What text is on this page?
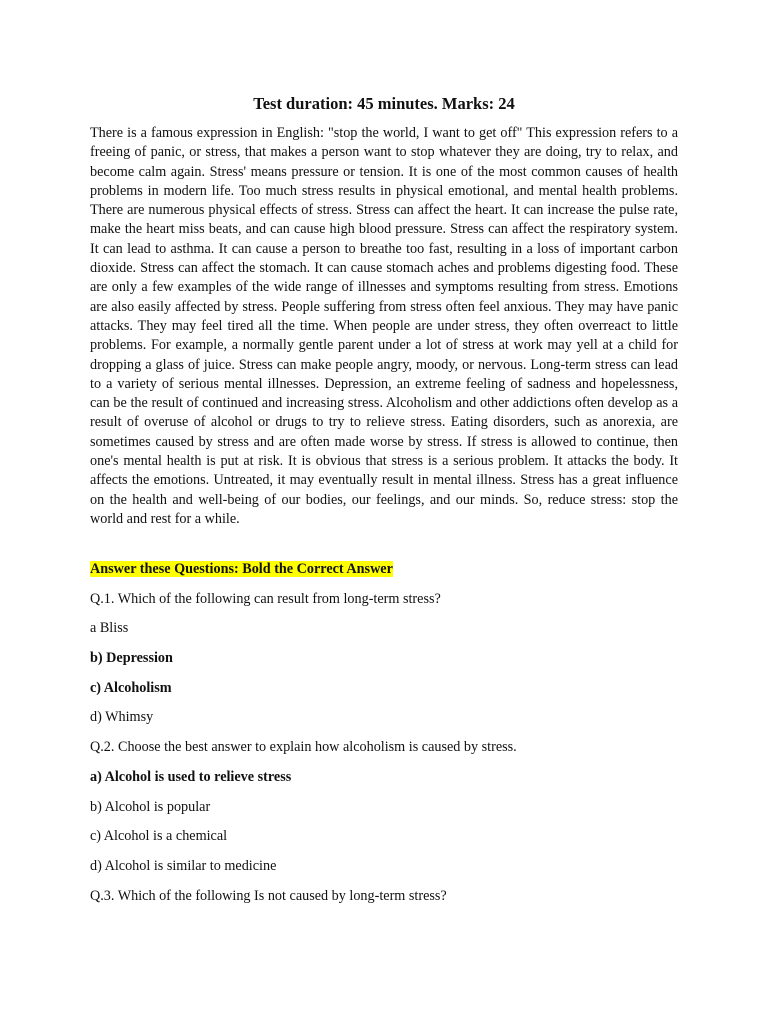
Test duration: 45 minutes. Marks: 24

There is a famous expression in English: "stop the world, I want to get off" This expression refers to a freeing of panic, or stress, that makes a person want to stop whatever they are doing, try to relax, and become calm again. Stress' means pressure or tension. It is one of the most common causes of health problems in modern life. Too much stress results in physical emotional, and mental health problems. There are numerous physical effects of stress. Stress can affect the heart. It can increase the pulse rate, make the heart miss beats, and can cause high blood pressure. Stress can affect the respiratory system. It can lead to asthma. It can cause a person to breathe too fast, resulting in a loss of important carbon dioxide. Stress can affect the stomach. It can cause stomach aches and problems digesting food. These are only a few examples of the wide range of illnesses and symptoms resulting from stress. Emotions are also easily affected by stress. People suffering from stress often feel anxious. They may have panic attacks. They may feel tired all the time. When people are under stress, they often overreact to little problems. For example, a normally gentle parent under a lot of stress at work may yell at a child for dropping a glass of juice. Stress can make people angry, moody, or nervous. Long-term stress can lead to a variety of serious mental illnesses. Depression, an extreme feeling of sadness and hopelessness, can be the result of continued and increasing stress. Alcoholism and other addictions often develop as a result of overuse of alcohol or drugs to try to relieve stress. Eating disorders, such as anorexia, are sometimes caused by stress and are often made worse by stress. If stress is allowed to continue, then one's mental health is put at risk. It is obvious that stress is a serious problem. It attacks the body. It affects the emotions. Untreated, it may eventually result in mental illness. Stress has a great influence on the health and well-being of our bodies, our feelings, and our minds. So, reduce stress: stop the world and rest for a while.

Answer these Questions: Bold the Correct Answer
Q.1. Which of the following can result from long-term stress?
a Bliss
b) Depression
c) Alcoholism
d) Whimsy
Q.2. Choose the best answer to explain how alcoholism is caused by stress.
a) Alcohol is used to relieve stress
b) Alcohol is popular
c) Alcohol is a chemical
d) Alcohol is similar to medicine
Q.3. Which of the following Is not caused by long-term stress?
